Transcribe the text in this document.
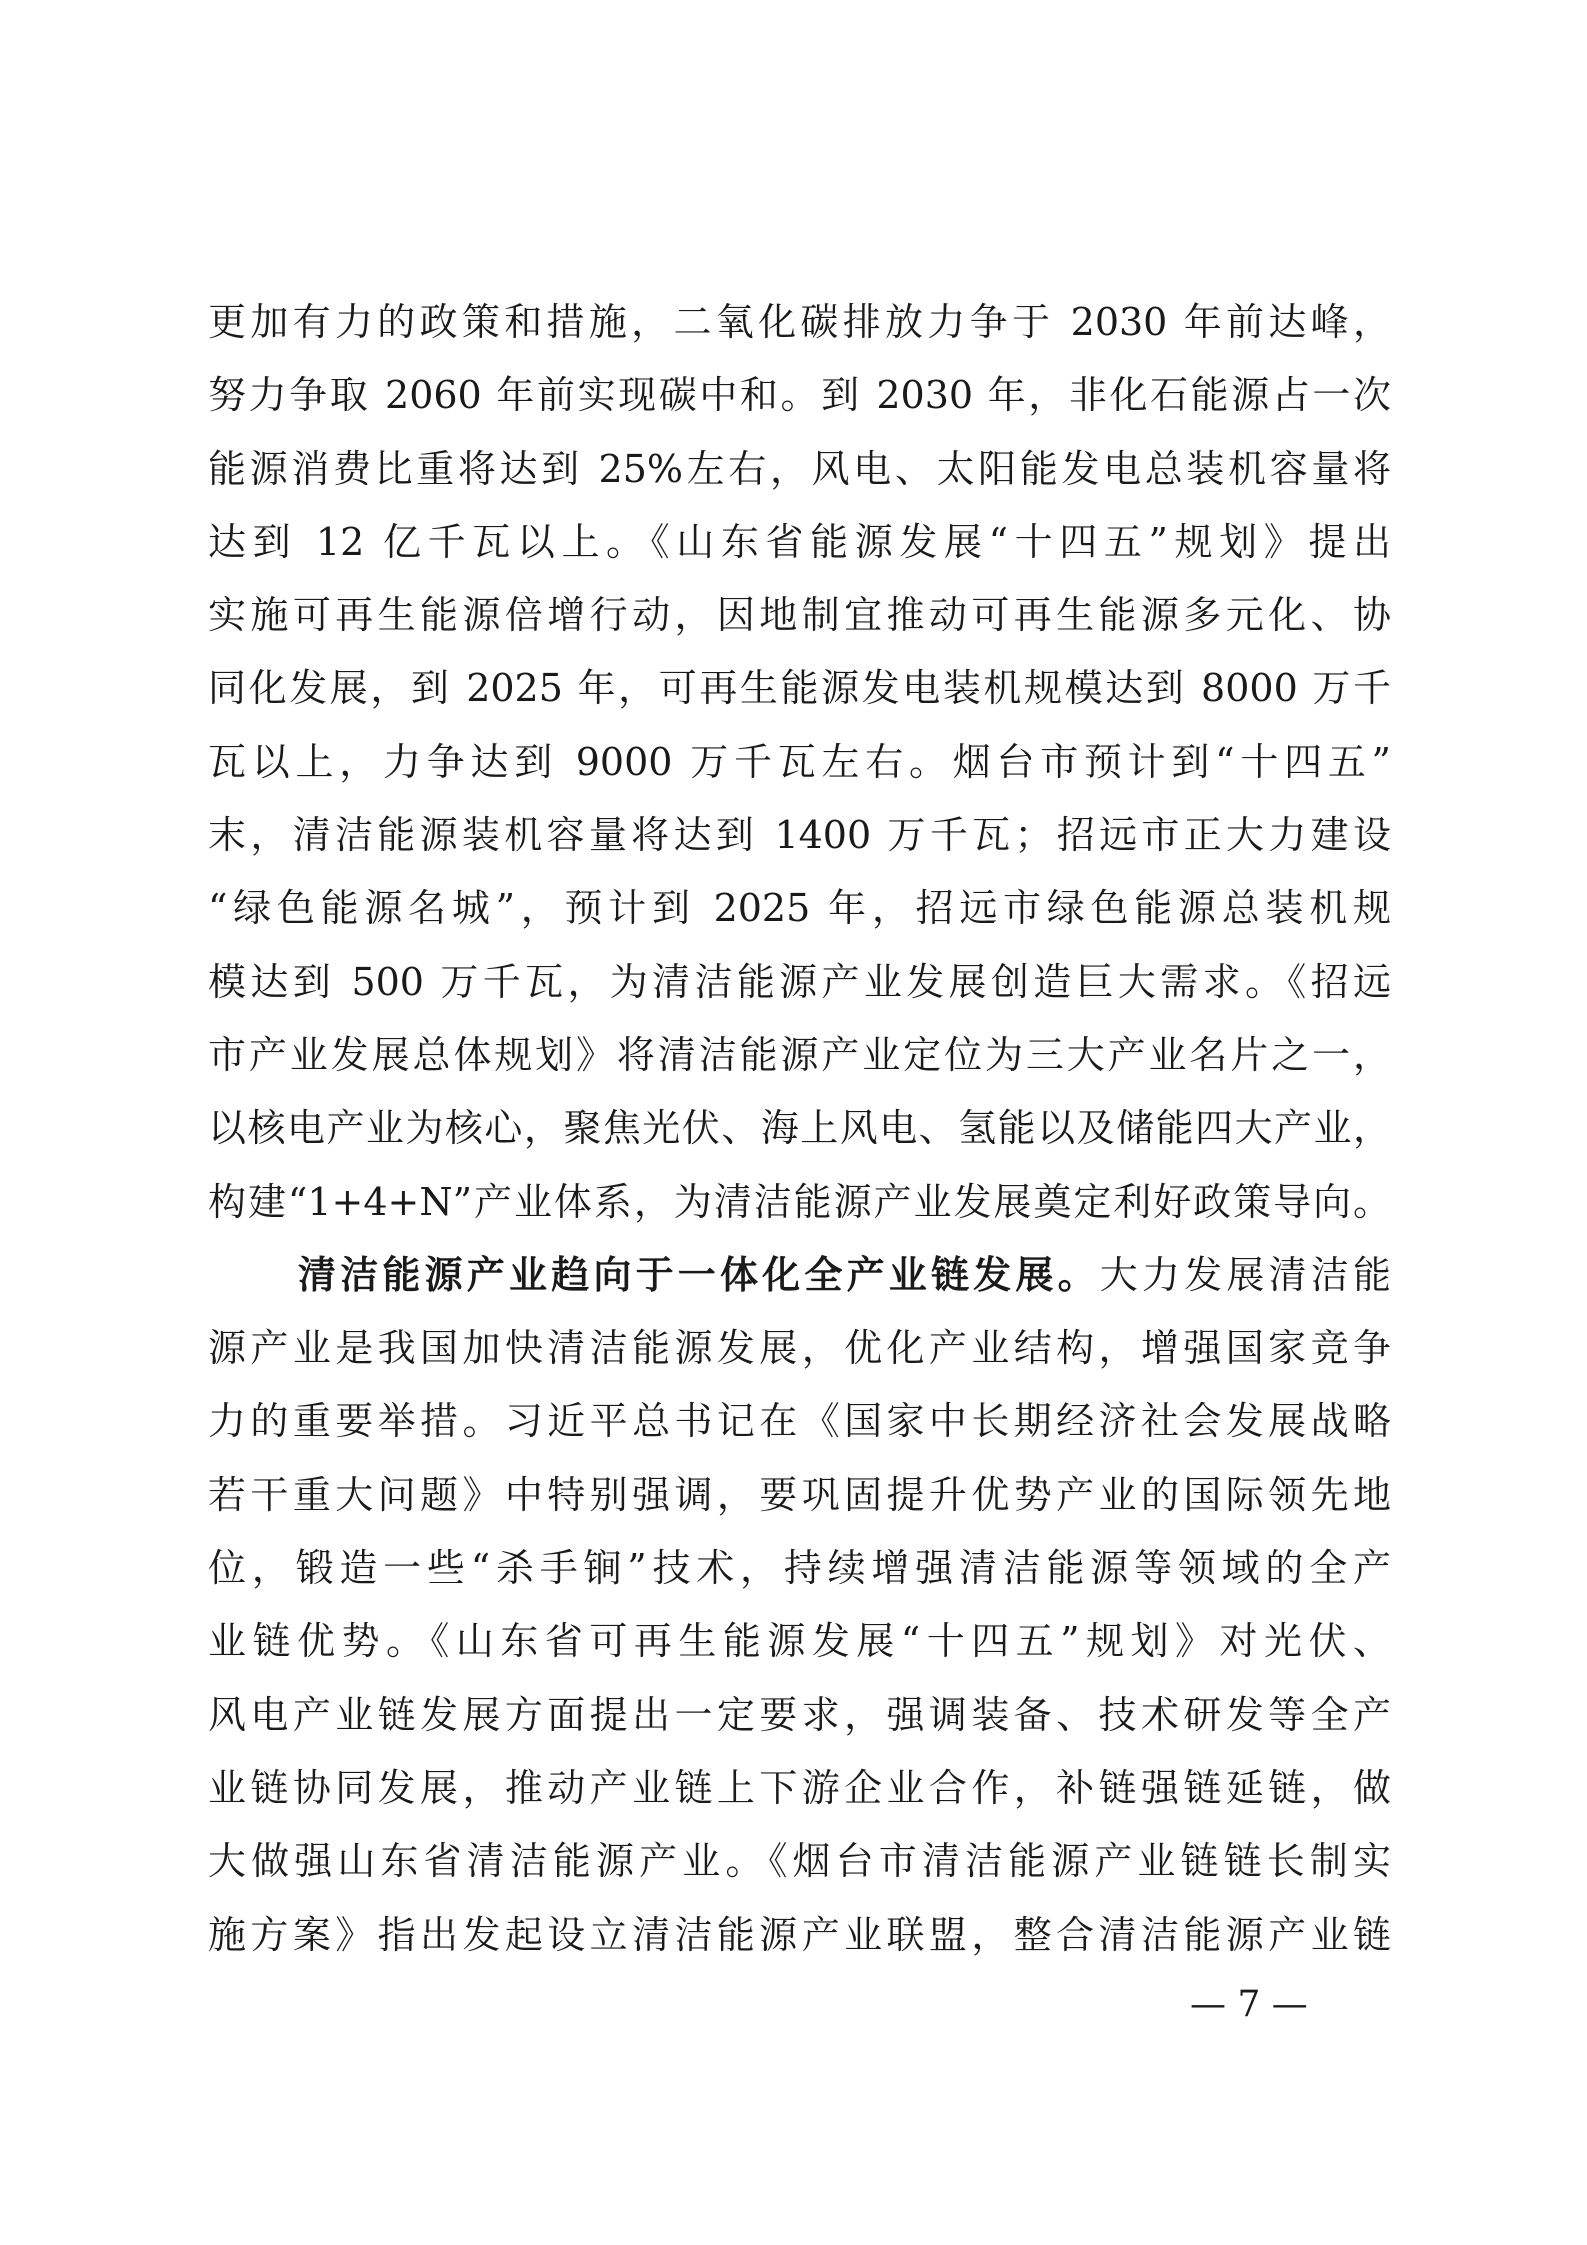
更加有力的政策和措施，二氧化碳排放力争于 2030 年前达峰，
努力争取 2060 年前实现碳中和。到 2030 年，非化石能源占一次
能源消费比重将达到 25%左右，风电、太阳能发电总装机容量将
达到 12 亿千瓦以上。《山东省能源发展“十四五”规划》提出
实施可再生能源倍增行动，因地制宜推动可再生能源多元化、协
同化发展，到 2025 年，可再生能源发电装机规模达到 8000 万千
瓦以上，力争达到 9000 万千瓦左右。烟台市预计到“十四五”
末，清洁能源装机容量将达到 1400 万千瓦；招远市正大力建设
“绿色能源名城”，预计到 2025 年，招远市绿色能源总装机规
模达到 500 万千瓦，为清洁能源产业发展创造巨大需求。《招远
市产业发展总体规划》将清洁能源产业定位为三大产业名片之一，
以核电产业为核心，聚焦光伏、海上风电、氢能以及储能四大产业，
构建“1+4+N”产业体系，为清洁能源产业发展奠定利好政策导向。
清洁能源产业趋向于一体化全产业链发展。大力发展清洁能
源产业是我国加快清洁能源发展，优化产业结构，增强国家竞争
力的重要举措。习近平总书记在《国家中长期经济社会发展战略
若干重大问题》中特别强调，要巩固提升优势产业的国际领先地
位，锻造一些“杀手锏”技术，持续增强清洁能源等领域的全产
业链优势。《山东省可再生能源发展“十四五”规划》对光伏、
风电产业链发展方面提出一定要求，强调装备、技术研发等全产
业链协同发展，推动产业链上下游企业合作，补链强链延链，做
大做强山东省清洁能源产业。《烟台市清洁能源产业链链长制实
施方案》指出发起设立清洁能源产业联盟，整合清洁能源产业链
— 7 —
